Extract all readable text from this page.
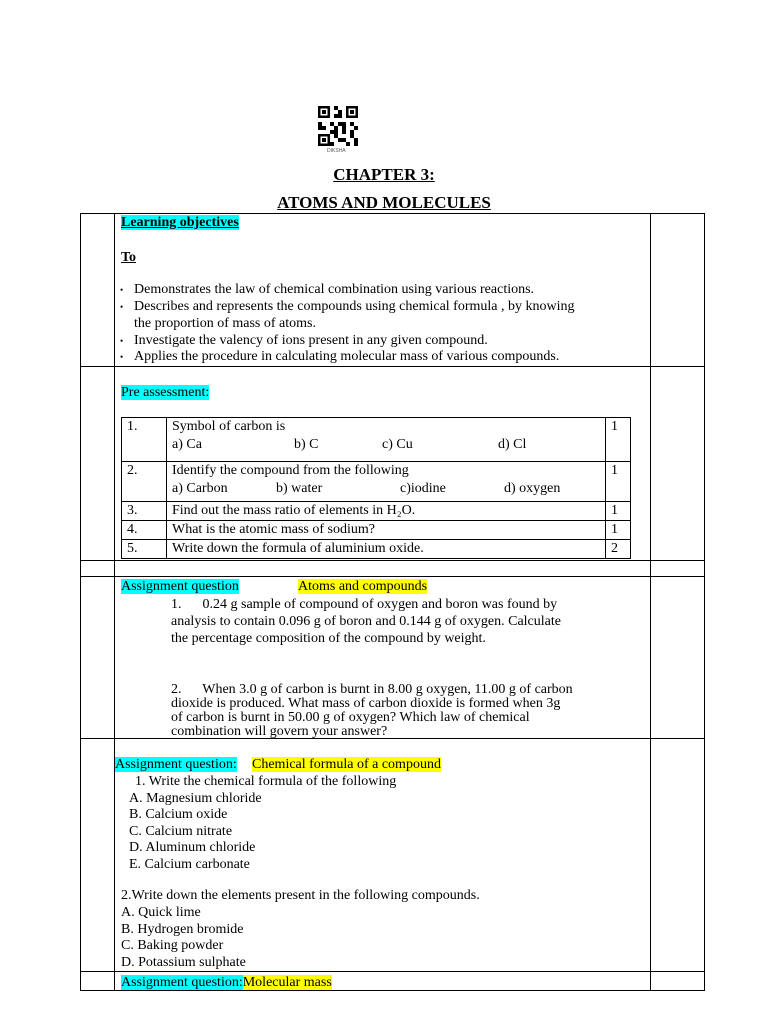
DIKSHA
CHAPTER 3:
ATOMS AND MOLECULES
Learning objectives
To
• Demonstrates the law of chemical combination using various reactions.
• Describes and represents the compounds using chemical formula , by knowing
the proportion of mass of atoms.
• Investigate the valency of ions present in any given compound.
• Applies the procedure in calculating molecular mass of various compounds.
Pre assessment:
1.	Symbol of carbon is
a) Ca b) C c) Cu d) Cl	1
2.	Identify the compound from the following
a) Carbon b) water c)iodine d) oxygen	1
3.	Find out the mass ratio of elements in H₂O.	1
4.	What is the atomic mass of sodium?	1
5.	Write down the formula of aluminium oxide.	2
Assignment question	Atoms and compounds
1.      0.24 g sample of compound of oxygen and boron was found by
analysis to contain 0.096 g of boron and 0.144 g of oxygen. Calculate
the percentage composition of the compound by weight.
2.      When 3.0 g of carbon is burnt in 8.00 g oxygen, 11.00 g of carbon
dioxide is produced. What mass of carbon dioxide is formed when 3g
of carbon is burnt in 50.00 g of oxygen? Which law of chemical
combination will govern your answer?
Assignment question: Chemical formula of a compound
1. Write the chemical formula of the following
A. Magnesium chloride
B. Calcium oxide
C. Calcium nitrate
D. Aluminum chloride
E. Calcium carbonate
2.Write down the elements present in the following compounds.
A. Quick lime
B. Hydrogen bromide
C. Baking powder
D. Potassium sulphate
Assignment question:Molecular mass
